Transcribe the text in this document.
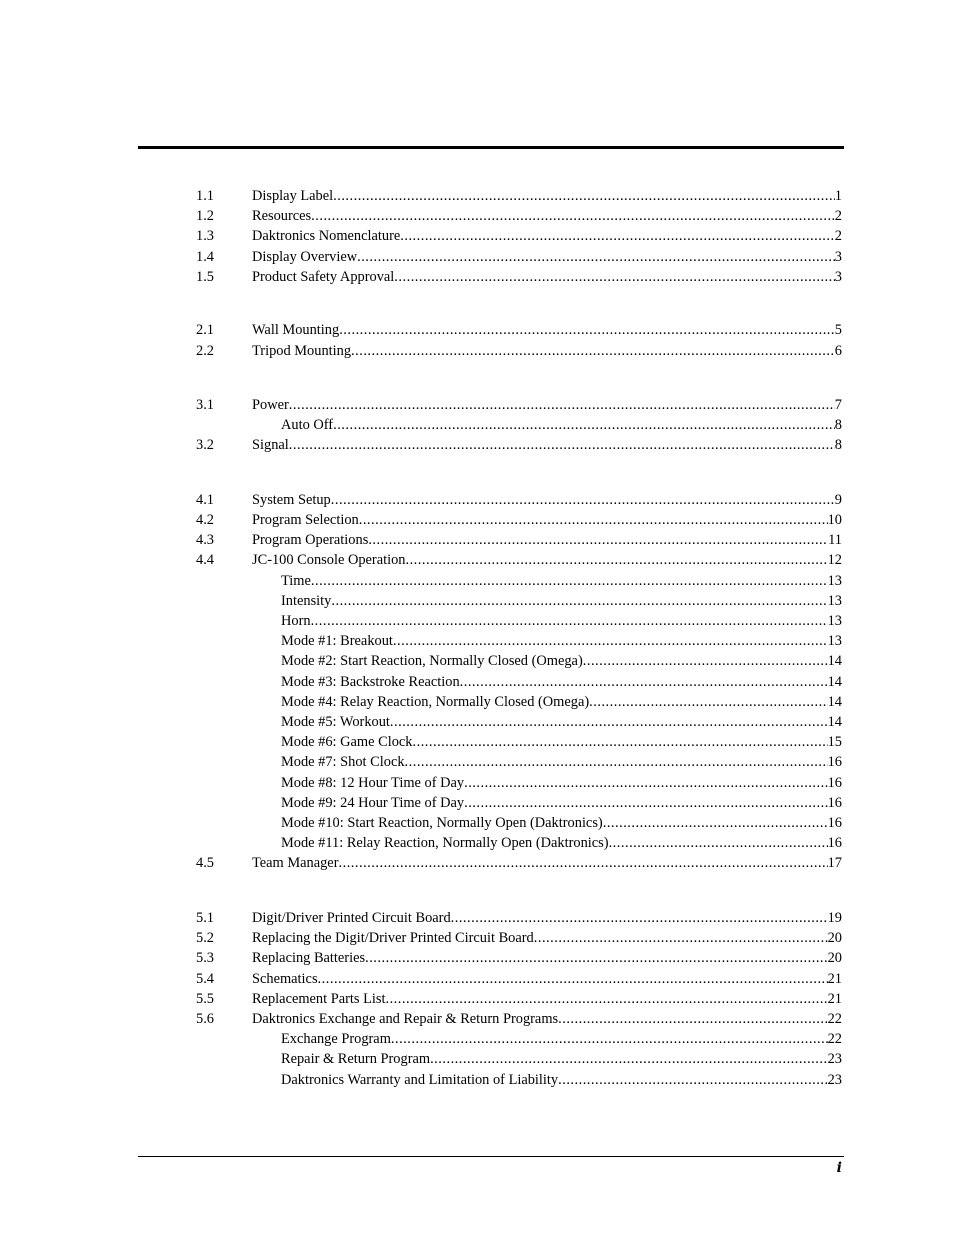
1.1	Display Label .....	1
1.2	Resources .....	2
1.3	Daktronics Nomenclature .....	2
1.4	Display Overview .....	3
1.5	Product Safety Approval .....	3
2.1	Wall Mounting .....	5
2.2	Tripod Mounting .....	6
3.1	Power .....	7
Auto Off .....	8
3.2	Signal .....	8
4.1	System Setup .....	9
4.2	Program Selection .....	10
4.3	Program Operations .....	11
4.4	JC-100 Console Operation .....	12
Time .....	13
Intensity .....	13
Horn .....	13
Mode #1: Breakout .....	13
Mode #2: Start Reaction, Normally Closed (Omega) .....	14
Mode #3: Backstroke Reaction .....	14
Mode #4: Relay Reaction, Normally Closed (Omega) .....	14
Mode #5: Workout .....	14
Mode #6: Game Clock .....	15
Mode #7: Shot Clock .....	16
Mode #8: 12 Hour Time of Day .....	16
Mode #9: 24 Hour Time of Day .....	16
Mode #10: Start Reaction, Normally Open (Daktronics) .....	16
Mode #11: Relay Reaction, Normally Open (Daktronics) .....	16
4.5	Team Manager .....	17
5.1	Digit/Driver Printed Circuit Board .....	19
5.2	Replacing the Digit/Driver Printed Circuit Board .....	20
5.3	Replacing Batteries .....	20
5.4	Schematics .....	21
5.5	Replacement Parts List .....	21
5.6	Daktronics Exchange and Repair & Return Programs .....	22
Exchange Program .....	22
Repair & Return Program .....	23
Daktronics Warranty and Limitation of Liability .....	23
i
